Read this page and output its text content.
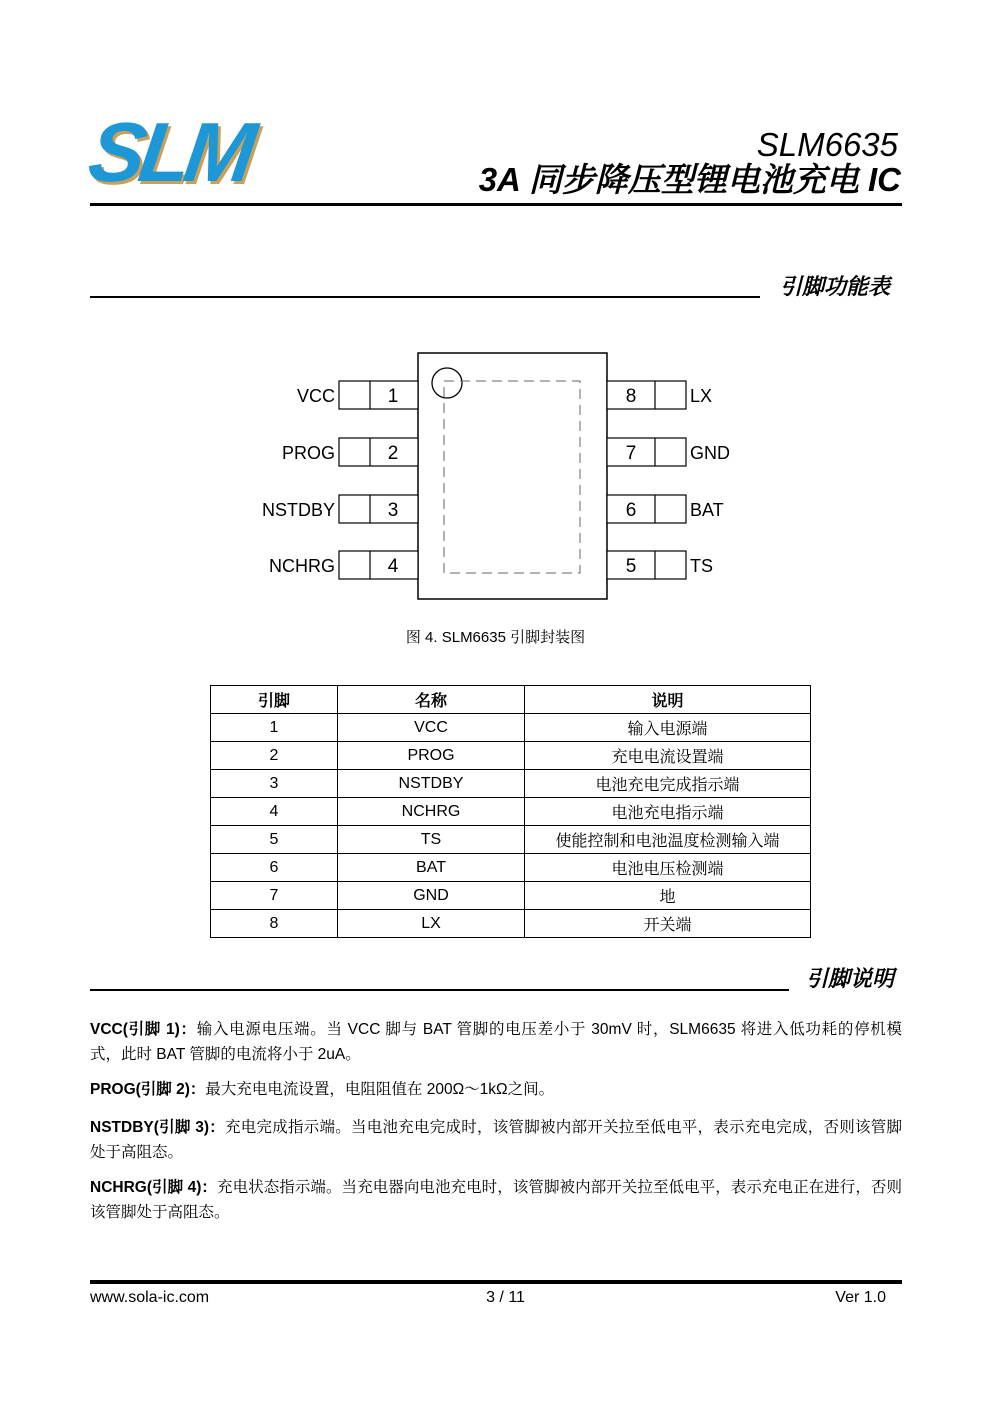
SLM	SLM6635
3A 同步降压型锂电池充电 IC
引脚功能表
1
VCC
2
PROG
3
NSTDBY
4
NCHRG
8	LX
7	GND
6	BAT
5	TS
图 4. SLM6635 引脚封装图
引脚	名称	说明
1	VCC	输入电源端
2	PROG	充电电流设置端
3	NSTDBY	电池充电完成指示端
4	NCHRG	电池充电指示端
5	TS	使能控制和电池温度检测输入端
6	BAT	电池电压检测端
7	GND	地
8	LX	开关端
引脚说明
VCC(引脚 1)：输入电源电压端。当 VCC 脚与 BAT 管脚的电压差小于 30mV 时，SLM6635 将进入低功耗的停机模式，此时 BAT 管脚的电流将小于 2uA。
PROG(引脚 2)：最大充电电流设置，电阻阻值在 200Ω～1kΩ之间。
NSTDBY(引脚 3)：充电完成指示端。当电池充电完成时，该管脚被内部开关拉至低电平，表示充电完成，否则该管脚处于高阻态。
NCHRG(引脚 4)：充电状态指示端。当充电器向电池充电时，该管脚被内部开关拉至低电平，表示充电正在进行，否则该管脚处于高阻态。
www.sola-ic.com	3 / 11	Ver 1.0
